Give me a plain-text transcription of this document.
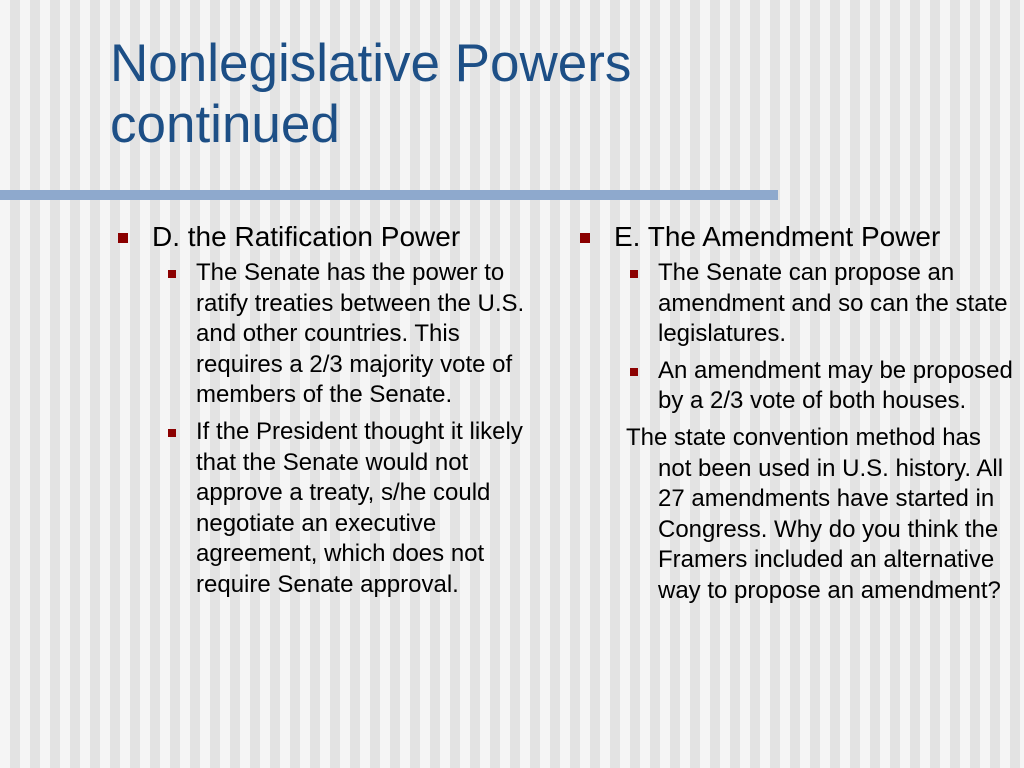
Nonlegislative Powers
continued
D. the Ratification Power
The Senate has the power to ratify treaties between the U.S. and other countries. This requires a 2/3 majority vote of members of the Senate.
If the President thought it likely that the Senate would not approve a treaty, s/he could negotiate an executive agreement, which does not require Senate approval.
E. The Amendment Power
The Senate can propose an amendment and so can the state legislatures.
An amendment may be proposed by a 2/3 vote of both houses.
The state convention method has not been used in U.S. history. All 27 amendments have started in Congress. Why do you think the Framers included an alternative way to propose an amendment?
